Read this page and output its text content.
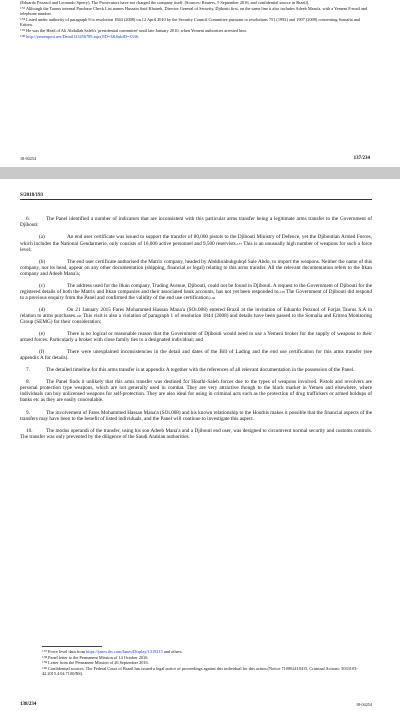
(Eduardo Pezzuol and Leonardo Sperry). The Prosecutors have not charged the company itself. (Sources: Reuters, 5 September 2016, and confidential source in Brazil).

$^{133}$ Although the Taurus internal Purchase Check List names Hussain Said Khaireh, Director General of Security, Djibouti first, on the same line it also includes Adeeb Mana'a, with a Yemeni E-mail and telephone number.

$^{134}$ Listed under authority of paragraph 8 to resolution 1844 (2008) on 12 April 2010 by the Security Council Committee pursuant to resolutions 751 (1992) and 1907 (2009) concerning Somalia and Eritrea.

$^{135}$ He was the Head of Ali Abdullah Saleh's 'presidential committee' until late January 2010, when Yemeni authorities arrested him.

$^{136}$ http://yemenpost.net/Detail123456789.aspx?ID=3&SubID=3336.

18-04254	137/234
S/2018/193

6.	The Panel identified a number of indicators that are inconsistent with this particular arms transfer being a legitimate arms transfer to the Government of Djibouti:

(a)	An end user certificate was issued to support the transfer of 80,000 pistols to the Djibouti Ministry of Defence, yet the Djiboutian Armed Forces, which includes the National Gendarmerie, only consists of 16,000 active personnel and 9,500 reservists.$^{137}$ This is an unusually high number of weapons for such a force level;

(b)	The end user certificate authorised the Matrix company, headed by Abddurabuhguhqd Sale Abdo, to import the weapons. Neither the name of this company, nor its head, appear on any other documentation (shipping, financial or legal) relating to this arms transfer. All the relevant documentation refers to the Itkan company and Adeeb Mana'a;

(c)	The address used for the Itkan company, Trading Avenue, Djibouti, could not be found in Djibouti. A request to the Government of Djibouti for the registered details of both the Matrix and Itkan companies and their associated bank accounts, has not yet been responded to.$^{138}$ The Government of Djibouti did respond to a previous enquiry from the Panel and confirmed the validity of the end use certification;$^{139}$

(d)	On 21 January 2015 Fares Mohammed Hassan Mana'a (SOi.008) entered Brazil at the invitation of Eduardo Pezzuol of Forjas Taurus S.A in relation to arms purchases.$^{140}$ This visit is also a violation of paragraph 1 of resolution 1844 (2008) and details have been passed to the Somalia and Eritrea Monitoring Group (SEMG) for their consideration;

(e)	There is no logical or reasonable reason that the Government of Djibouti would need to use a Yemeni broker for the supply of weapons to their armed forces. Particularly a broker with close family ties to a designated individual; and

(f)	There were unexplained inconsistencies in the detail and dates of the Bill of Lading and the end use certification for this arms transfer (see appendix A for details).

7.	The detailed timeline for this arms transfer is at appendix A together with the references of all relevant documentation in the possession of the Panel.

8.	The Panel finds it unlikely that this arms transfer was destined for Houthi-Saleh forces due to the types of weapons involved. Pistols and revolvers are personal protection type weapons, which are not generally used in combat. They are very attractive though to the black market in Yemen and elsewhere, where individuals can buy unlicensed weapons for self-protection. They are also ideal for using in criminal acts such as the protection of drug traffickers or armed holdups of banks etc as they are easily concealable.

9.	The involvement of Fares Mohammed Hassan Mana'a (SOi.008) and his known relationship to the Houthis makes it possible that the financial aspects of the transfers may have been to the benefit of listed individuals, and the Panel will continue to investigate this aspect.

10.	The modus operandi of the transfer, using his son Adeeb Mana'a and a Djibouti end user, was designed to circumvent normal security and customs controls. The transfer was only prevented by the diligence of the Saudi Arabian authorities.

$^{137}$ Force level data from https://janes.ihs.com/Janes/Display/1319215 and others.

$^{138}$ Panel letter to the Permanent Mission of 14 October 2016.

$^{139}$ Letter from the Permanent Mission of 26 September 2016.

$^{140}$ Confidential sources. The Federal Court of Brazil has issued a legal notice of proceedings against this individual for this action (Notice 710002418415, Criminal Actions: 5033103-42.2015.4.04.7100/RS).

138/234	18-04254
